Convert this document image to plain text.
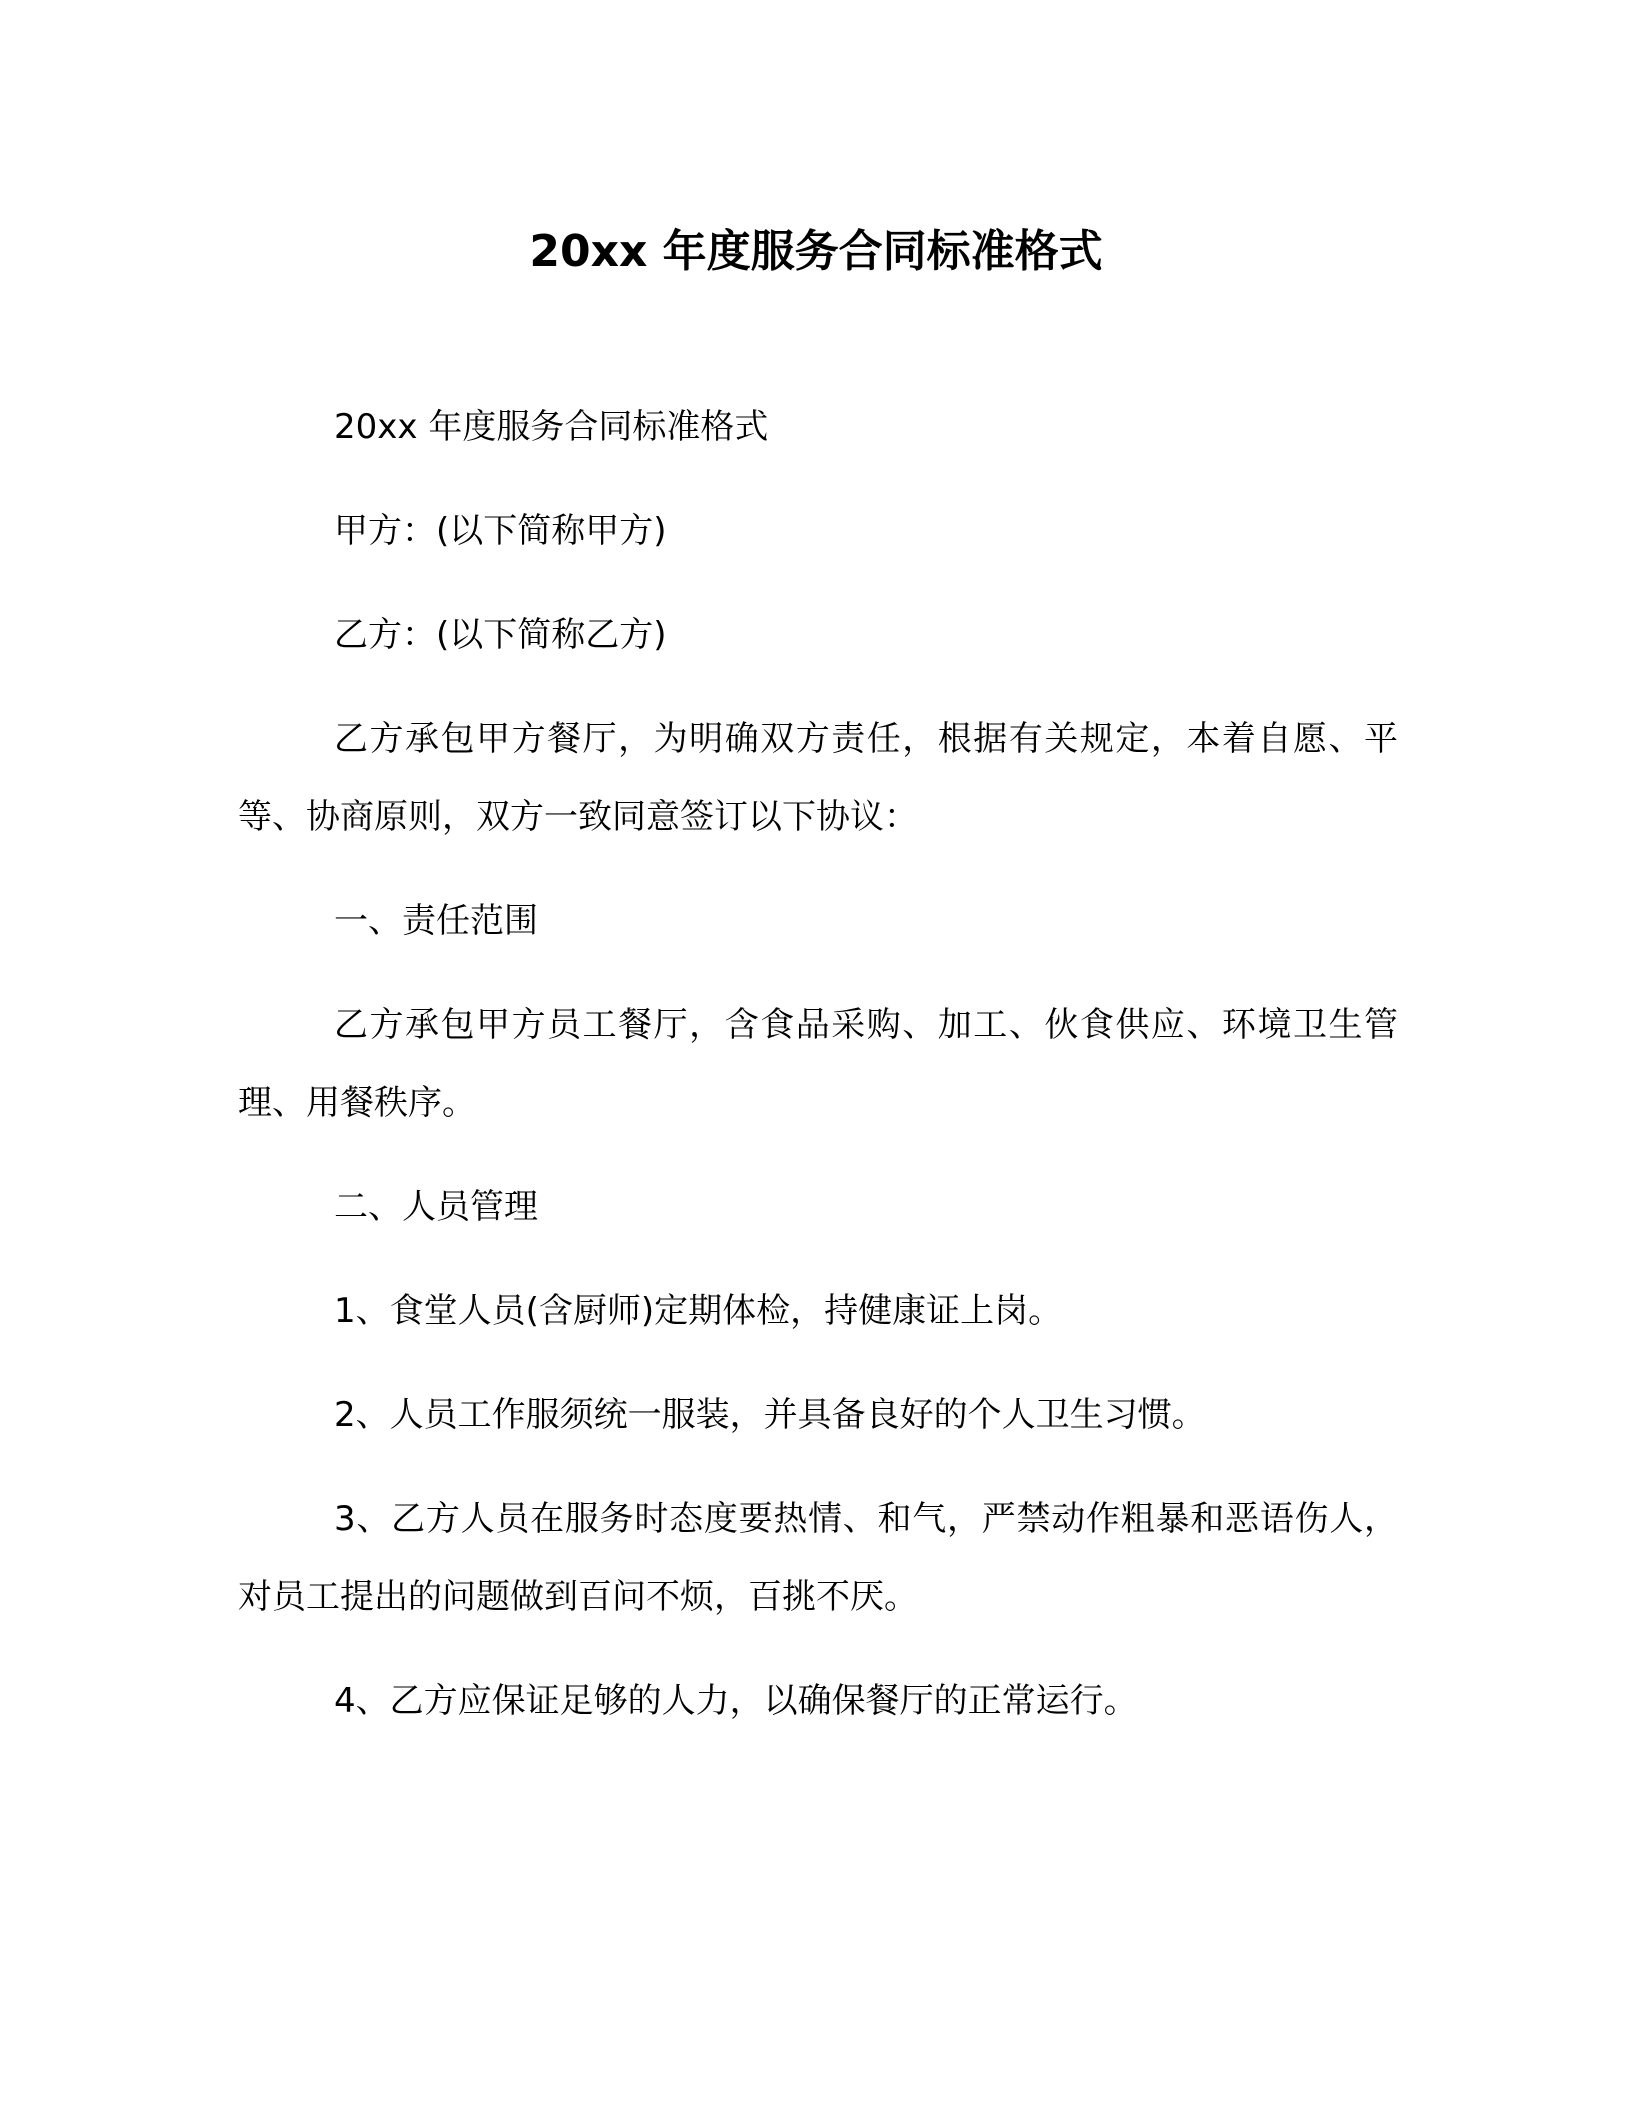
20xx 年度服务合同标准格式

20xx 年度服务合同标准格式

甲方：(以下简称甲方)

乙方：(以下简称乙方)

乙方承包甲方餐厅，为明确双方责任，根据有关规定，本着自愿、平等、协商原则，双方一致同意签订以下协议：

一、责任范围

乙方承包甲方员工餐厅，含食品采购、加工、伙食供应、环境卫生管理、用餐秩序。

二、人员管理

1、食堂人员(含厨师)定期体检，持健康证上岗。

2、人员工作服须统一服装，并具备良好的个人卫生习惯。

3、乙方人员在服务时态度要热情、和气，严禁动作粗暴和恶语伤人，对员工提出的问题做到百问不烦，百挑不厌。

4、乙方应保证足够的人力，以确保餐厅的正常运行。
